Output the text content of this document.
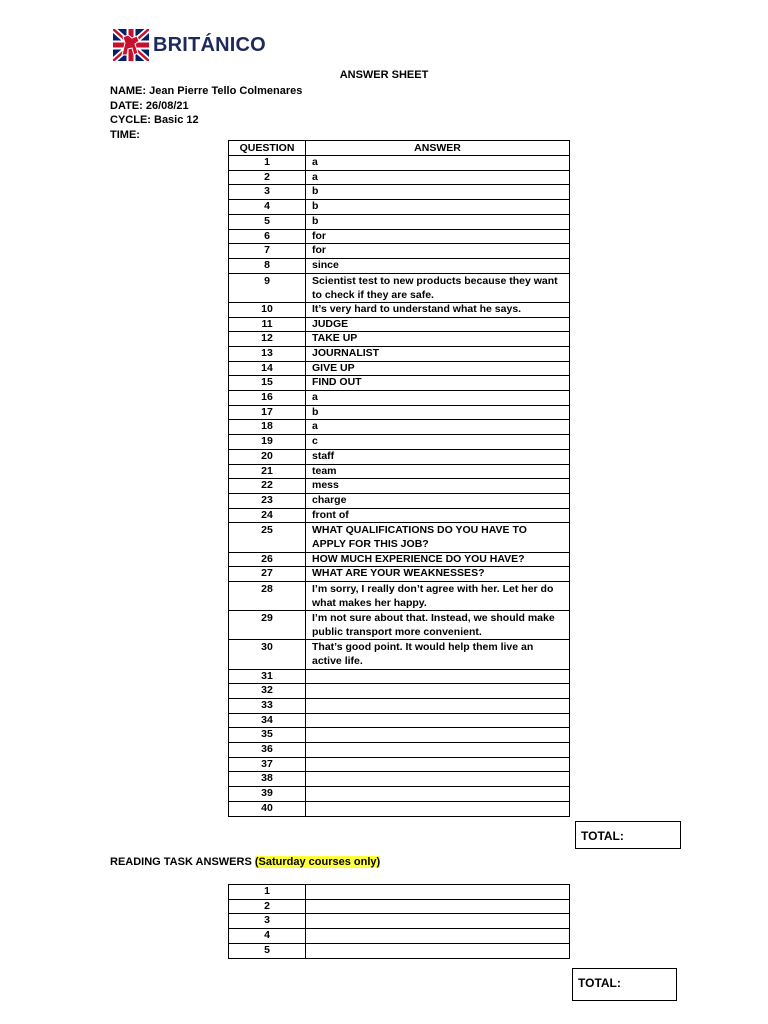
BRITÁNICO
ANSWER SHEET
NAME: Jean Pierre Tello Colmenares
DATE: 26/08/21
CYCLE: Basic 12
TIME:
QUESTION	ANSWER
1	a
2	a
3	b
4	b
5	b
6	for
7	for
8	since
9	Scientist test to new products because they want to check if they are safe.
10	It’s very hard to understand what he says.
11	JUDGE
12	TAKE UP
13	JOURNALIST
14	GIVE UP
15	FIND OUT
16	a
17	b
18	a
19	c
20	staff
21	team
22	mess
23	charge
24	front of
25	WHAT QUALIFICATIONS DO YOU HAVE TO APPLY FOR THIS JOB?
26	HOW MUCH EXPERIENCE DO YOU HAVE?
27	WHAT ARE YOUR WEAKNESSES?
28	I’m sorry, I really don’t agree with her. Let her do what makes her happy.
29	I’m not sure about that. Instead, we should make public transport more convenient.
30	That’s good point. It would help them live an active life.
31	
32	
33	
34	
35	
36	
37	
38	
39	
40	
TOTAL:
READING TASK ANSWERS (Saturday courses only)
1	
2	
3	
4	
5	
TOTAL:
